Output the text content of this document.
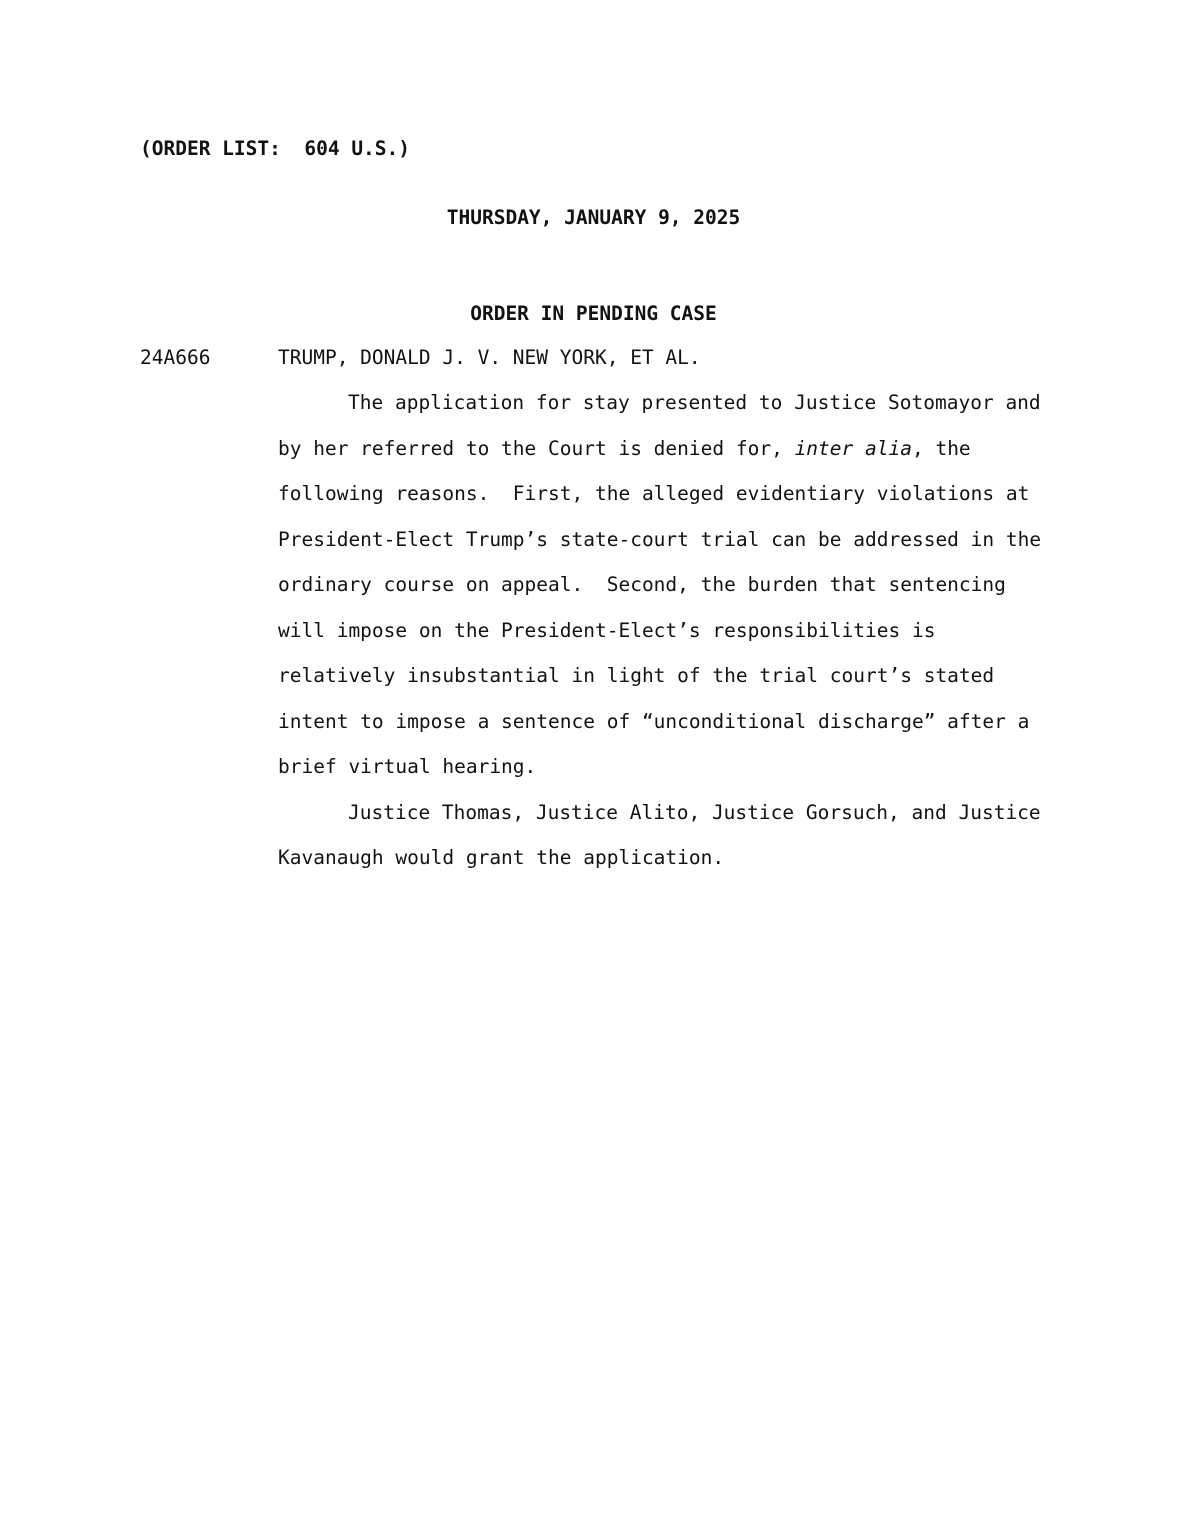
(ORDER LIST:  604 U.S.)
THURSDAY, JANUARY 9, 2025
ORDER IN PENDING CASE

24A666

	TRUMP, DONALD J. V. NEW YORK, ET AL.

The application for stay presented to Justice Sotomayor and
by her referred to the Court is denied for, inter alia, the
following reasons.  First, the alleged evidentiary violations at
President-Elect Trump’s state-court trial can be addressed in the
ordinary course on appeal.  Second, the burden that sentencing
will impose on the President-Elect’s responsibilities is
relatively insubstantial in light of the trial court’s stated
intent to impose a sentence of “unconditional discharge” after a
brief virtual hearing.
Justice Thomas, Justice Alito, Justice Gorsuch, and Justice
Kavanaugh would grant the application.
